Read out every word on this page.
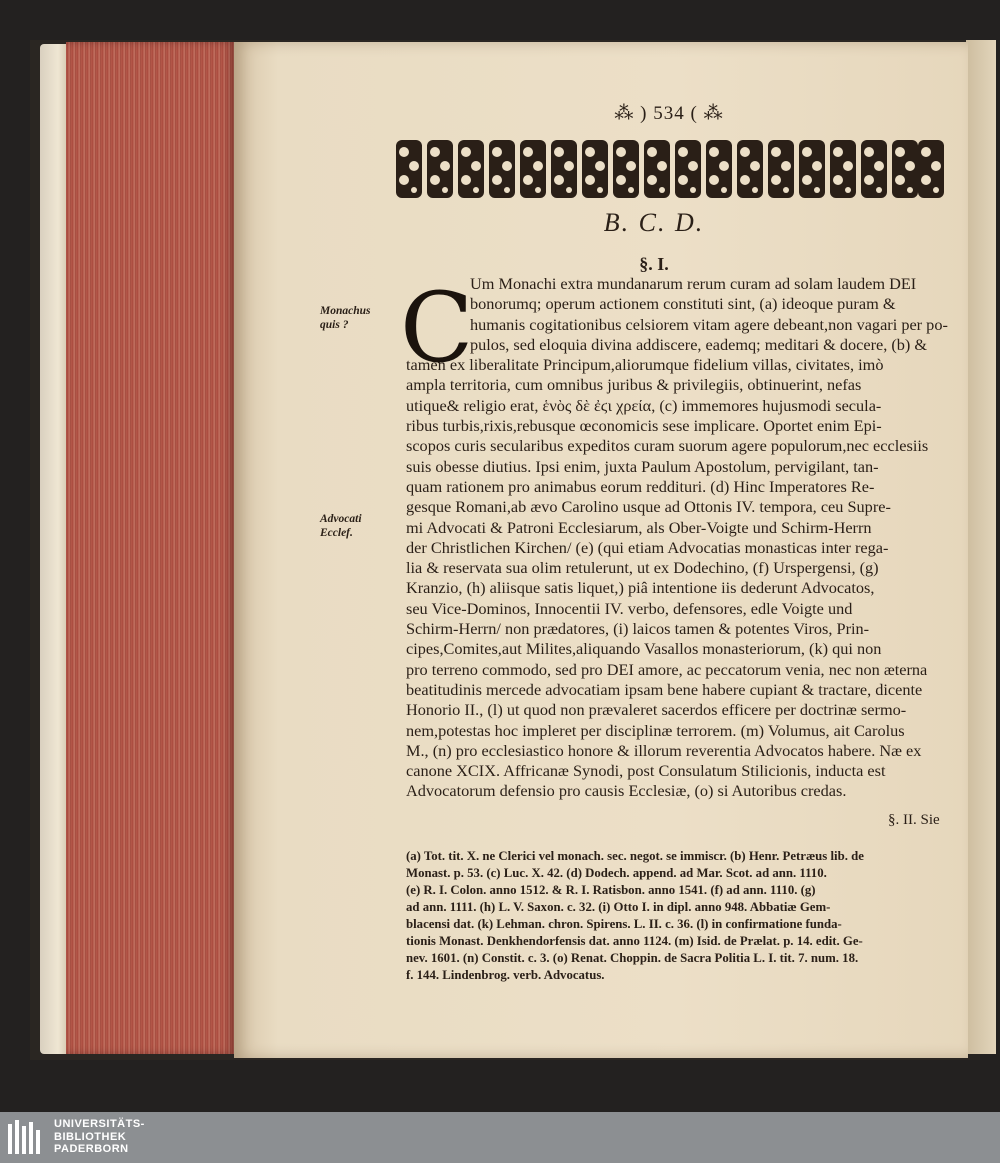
⁂ ) 534 ( ⁂
B. C. D.
§. I.
Monachus quis ?
Advocati Ecclef.
C
Um Monachi extra mundanarum rerum curam ad solam laudem DEI
bonorumq; operum actionem constituti sint, (a) ideoque puram &
humanis cogitationibus celsiorem vitam agere debeant,non vagari per po-
pulos, sed eloquia divina addiscere, eademq; meditari & docere, (b) &
tamen ex liberalitate Principum,aliorumque fidelium villas, civitates, imò
ampla territoria, cum omnibus juribus & privilegiis, obtinuerint, nefas
utique& religio erat, ἑνὸς δὲ ἐϛι χρεία, (c) immemores hujusmodi secula-
ribus turbis,rixis,rebusque œconomicis sese implicare. Oportet enim Epi-
scopos curis secularibus expeditos curam suorum agere populorum,nec ecclesiis
suis obesse diutius. Ipsi enim, juxta Paulum Apostolum, pervigilant, tan-
quam rationem pro animabus eorum redditurі. (d) Hinc Imperatores Re-
gesque Romani,ab ævo Carolino usque ad Ottonis IV. tempora, ceu Supre-
mi Advocati & Patroni Ecclesiarum, als Ober-Voigte und Schirm-Herrn
der Christlichen Kirchen/ (e) (qui etiam Advocatias monasticas inter rega-
lia & reservata sua olim retulerunt, ut ex Dodechino, (f) Urspergensi, (g)
Kranzio, (h) aliisque satis liquet,) piâ intentione iis dederunt Advocatos,
seu Vice-Dominos, Innocentii IV. verbo, defensores, edle Voigte und
Schirm-Herrn/ non prædatores, (i) laicos tamen & potentes Viros, Prin-
cipes,Comites,aut Milites,aliquando Vasallos monasteriorum, (k) qui non
pro terreno commodo, sed pro DEI amore, ac peccatorum venia, nec non æterna
beatitudinis mercede advocatiam ipsam bene habere cupiant & tractare, dicente
Honorio II., (l) ut quod non prævaleret sacerdos efficere per doctrinæ sermo-
nem,potestas hoc impleret per disciplinæ terrorem. (m) Volumus, ait Carolus
M., (n) pro ecclesiastico honore & illorum reverentia Advocatos habere. Næ ex
canone XCIX. Affricanæ Synodi, post Consulatum Stilicionis, inducta est
Advocatorum defensio pro causis Ecclesiæ, (o) si Autoribus credas.
§. II. Sie
(a) Tot. tit. X. ne Clerici vel monach. sec. negot. se immiscr. (b) Henr. Petræus lib. de
Monast. p. 53. (c) Luc. X. 42. (d) Dodech. append. ad Mar. Scot. ad ann. 1110.
(e) R. I. Colon. anno 1512. & R. I. Ratisbon. anno 1541. (f) ad ann. 1110. (g)
ad ann. 1111. (h) L. V. Saxon. c. 32. (i) Otto I. in dipl. anno 948. Abbatiæ Gem-
blacensi dat. (k) Lehman. chron. Spirens. L. II. c. 36. (l) in confirmatione funda-
tionis Monast. Denkhendorfensis dat. anno 1124. (m) Isid. de Prælat. p. 14. edit. Ge-
nev. 1601. (n) Constit. c. 3. (o) Renat. Choppin. de Sacra Politia L. I. tit. 7. num. 18.
f. 144. Lindenbrog. verb. Advocatus.
UNIVERSITÄTS-
BIBLIOTHEK
PADERBORN
